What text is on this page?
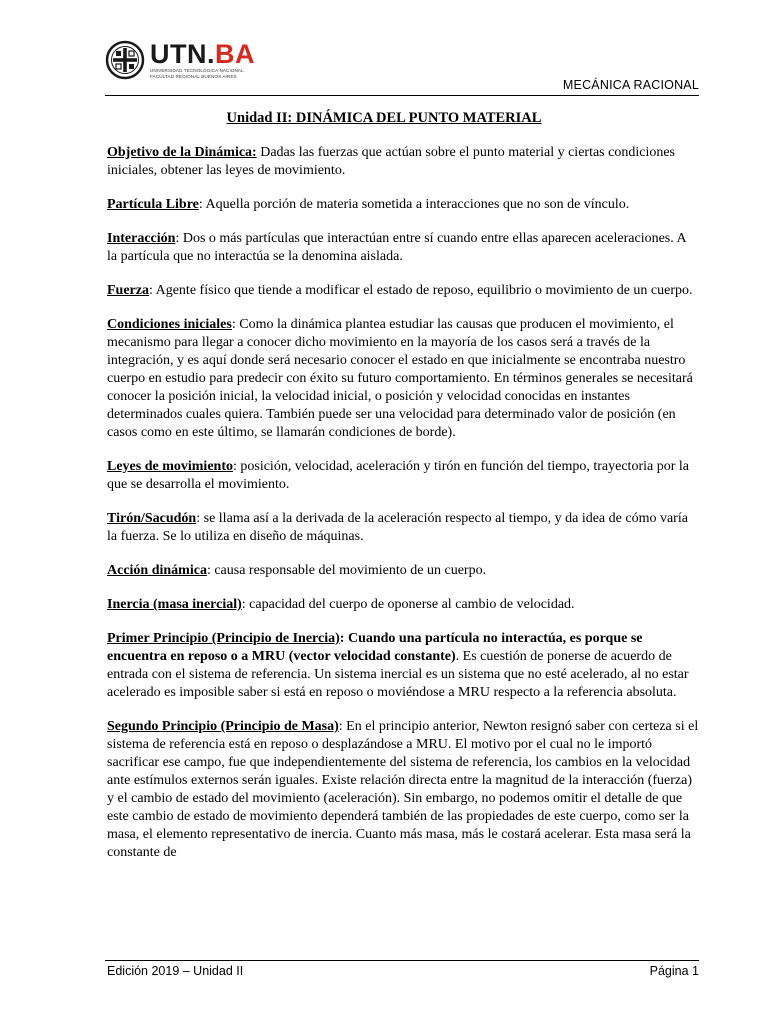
UTN.BA
UNIVERSIDAD TECNOLÓGICA NACIONAL
FACULTAD REGIONAL BUENOS AIRES
MECÁNICA RACIONAL
Unidad II: DINÁMICA DEL PUNTO MATERIAL

Objetivo de la Dinámica: Dadas las fuerzas que actúan sobre el punto material y ciertas condiciones iniciales, obtener las leyes de movimiento.

Partícula Libre: Aquella porción de materia sometida a interacciones que no son de vínculo.

Interacción: Dos o más partículas que interactúan entre sí cuando entre ellas aparecen aceleraciones. A la partícula que no interactúa se la denomina aislada.

Fuerza: Agente físico que tiende a modificar el estado de reposo, equilibrio o movimiento de un cuerpo.

Condiciones iniciales: Como la dinámica plantea estudiar las causas que producen el movimiento, el mecanismo para llegar a conocer dicho movimiento en la mayoría de los casos será a través de la integración, y es aquí donde será necesario conocer el estado en que inicialmente se encontraba nuestro cuerpo en estudio para predecir con éxito su futuro comportamiento. En términos generales se necesitará conocer la posición inicial, la velocidad inicial, o posición y velocidad conocidas en instantes determinados cuales quiera. También puede ser una velocidad para determinado valor de posición (en casos como en este último, se llamarán condiciones de borde).

Leyes de movimiento: posición, velocidad, aceleración y tirón en función del tiempo, trayectoria por la que se desarrolla el movimiento.

Tirón/Sacudón: se llama así a la derivada de la aceleración respecto al tiempo, y da idea de cómo varía la fuerza. Se lo utiliza en diseño de máquinas.

Acción dinámica: causa responsable del movimiento de un cuerpo.

Inercia (masa inercial): capacidad del cuerpo de oponerse al cambio de velocidad.

Primer Principio (Principio de Inercia): Cuando una partícula no interactúa, es porque se encuentra en reposo o a MRU (vector velocidad constante). Es cuestión de ponerse de acuerdo de entrada con el sistema de referencia. Un sistema inercial es un sistema que no esté acelerado, al no estar acelerado es imposible saber si está en reposo o moviéndose a MRU respecto a la referencia absoluta.

Segundo Principio (Principio de Masa): En el principio anterior, Newton resignó saber con certeza si el sistema de referencia está en reposo o desplazándose a MRU. El motivo por el cual no le importó sacrificar ese campo, fue que independientemente del sistema de referencia, los cambios en la velocidad ante estímulos externos serán iguales. Existe relación directa entre la magnitud de la interacción (fuerza) y el cambio de estado del movimiento (aceleración). Sin embargo, no podemos omitir el detalle de que este cambio de estado de movimiento dependerá también de las propiedades de este cuerpo, como ser la masa, el elemento representativo de inercia. Cuanto más masa, más le costará acelerar. Esta masa será la constante de

Edición 2019 – Unidad II	Página 1
